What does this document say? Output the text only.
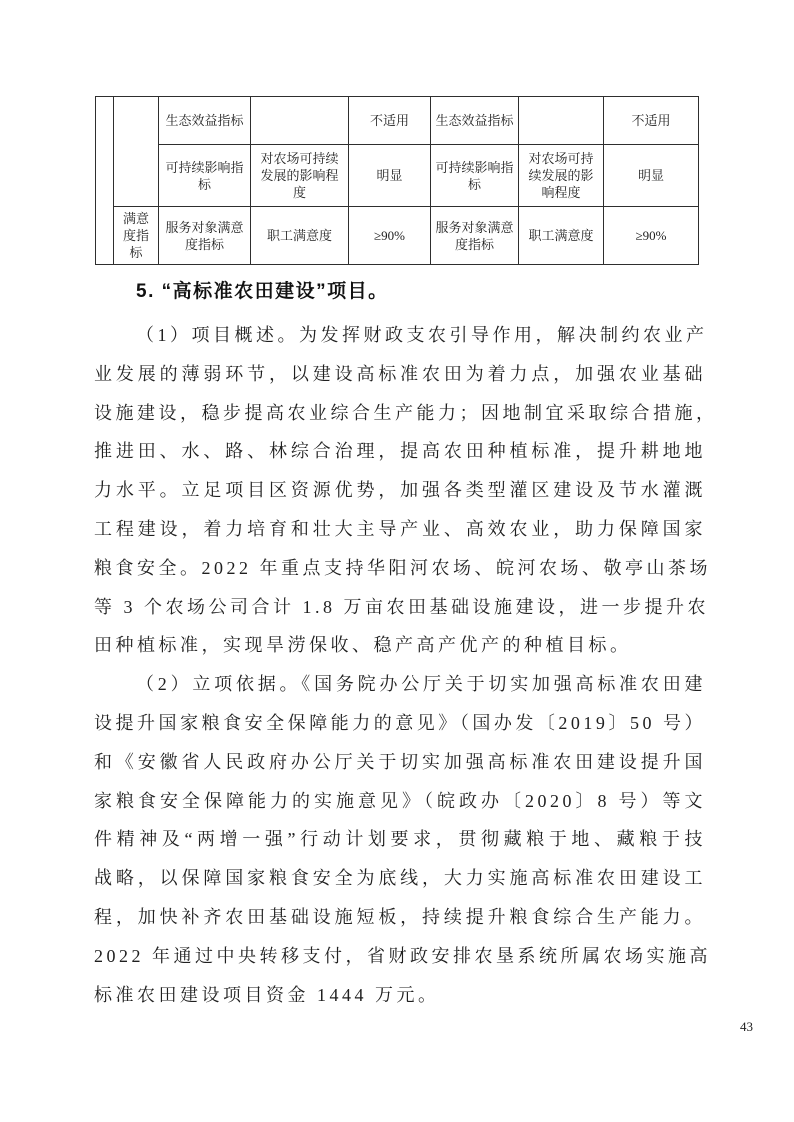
		生态效益指标		不适用	生态效益指标		不适用
		可持续影响指标	对农场可持续发展的影响程度	明显	可持续影响指标	对农场可持续发展的影响程度	明显
	满意度指标	服务对象满意度指标	职工满意度	≥90%	服务对象满意度指标	职工满意度	≥90%
5. “高标准农田建设”项目。
（1）项目概述。为发挥财政支农引导作用，解决制约农业产
业发展的薄弱环节，以建设高标准农田为着力点，加强农业基础
设施建设，稳步提高农业综合生产能力；因地制宜采取综合措施，
推进田、水、路、林综合治理，提高农田种植标准，提升耕地地
力水平。立足项目区资源优势，加强各类型灌区建设及节水灌溉
工程建设，着力培育和壮大主导产业、高效农业，助力保障国家
粮食安全。2022 年重点支持华阳河农场、皖河农场、敬亭山茶场
等 3 个农场公司合计 1.8 万亩农田基础设施建设，进一步提升农
田种植标准，实现旱涝保收、稳产高产优产的种植目标。
（2）立项依据。《国务院办公厅关于切实加强高标准农田建
设提升国家粮食安全保障能力的意见》（国办发〔2019〕50 号）
和《安徽省人民政府办公厅关于切实加强高标准农田建设提升国
家粮食安全保障能力的实施意见》（皖政办〔2020〕8 号）等文
件精神及“两增一强”行动计划要求，贯彻藏粮于地、藏粮于技
战略，以保障国家粮食安全为底线，大力实施高标准农田建设工
程，加快补齐农田基础设施短板，持续提升粮食综合生产能力。
2022 年通过中央转移支付，省财政安排农垦系统所属农场实施高
标准农田建设项目资金 1444 万元。
43
